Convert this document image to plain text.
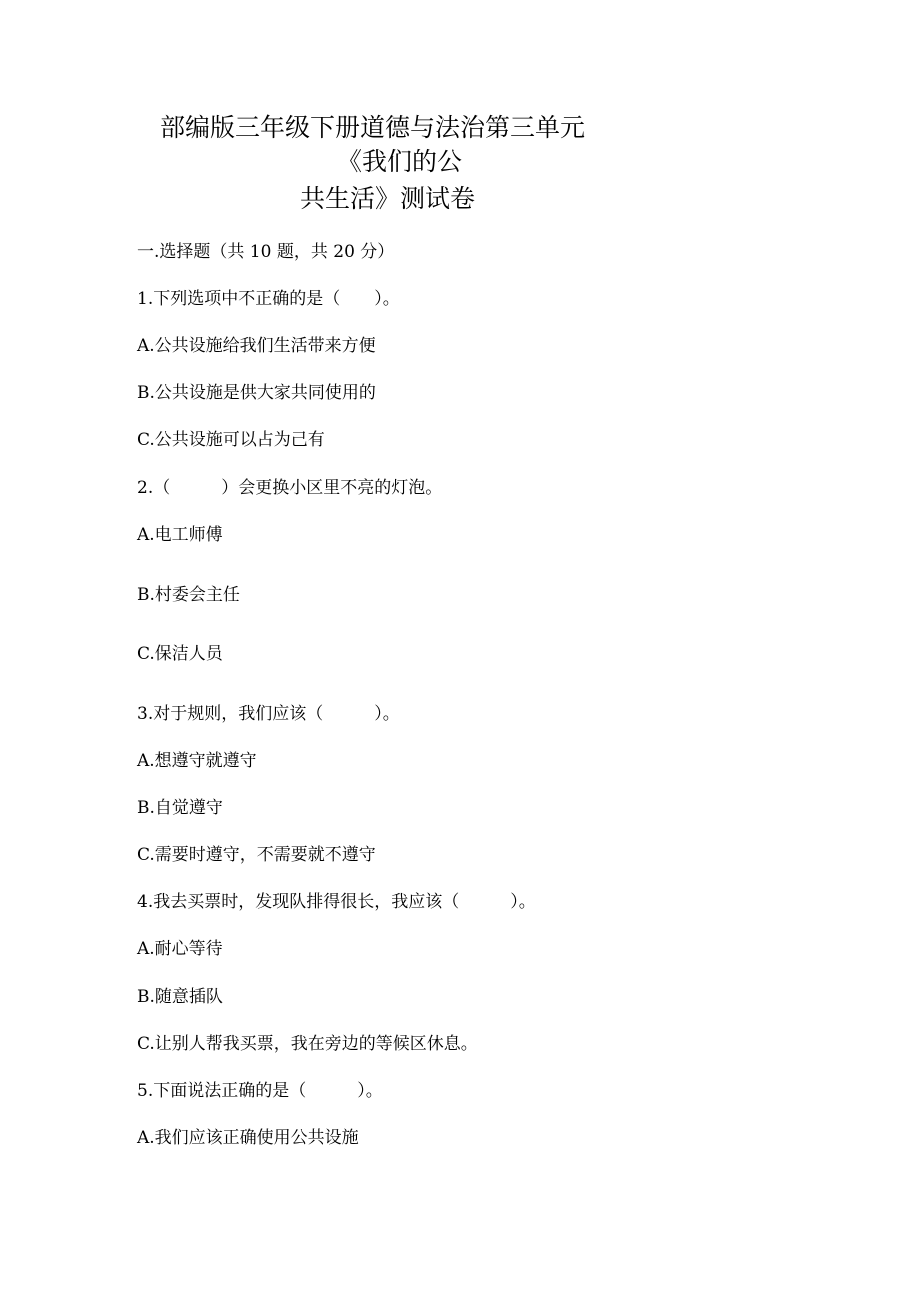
部编版三年级下册道德与法治第三单元
《我们的公
共生活》测试卷
一.选择题（共 10 题，共 20 分）
1.下列选项中不正确的是（　　）。
A.公共设施给我们生活带来方便
B.公共设施是供大家共同使用的
C.公共设施可以占为己有
2.（　　　）会更换小区里不亮的灯泡。
A.电工师傅
B.村委会主任
C.保洁人员
3.对于规则，我们应该（　　　）。
A.想遵守就遵守
B.自觉遵守
C.需要时遵守，不需要就不遵守
4.我去买票时，发现队排得很长，我应该（　　　）。
A.耐心等待
B.随意插队
C.让别人帮我买票，我在旁边的等候区休息。
5.下面说法正确的是（　　　）。
A.我们应该正确使用公共设施
